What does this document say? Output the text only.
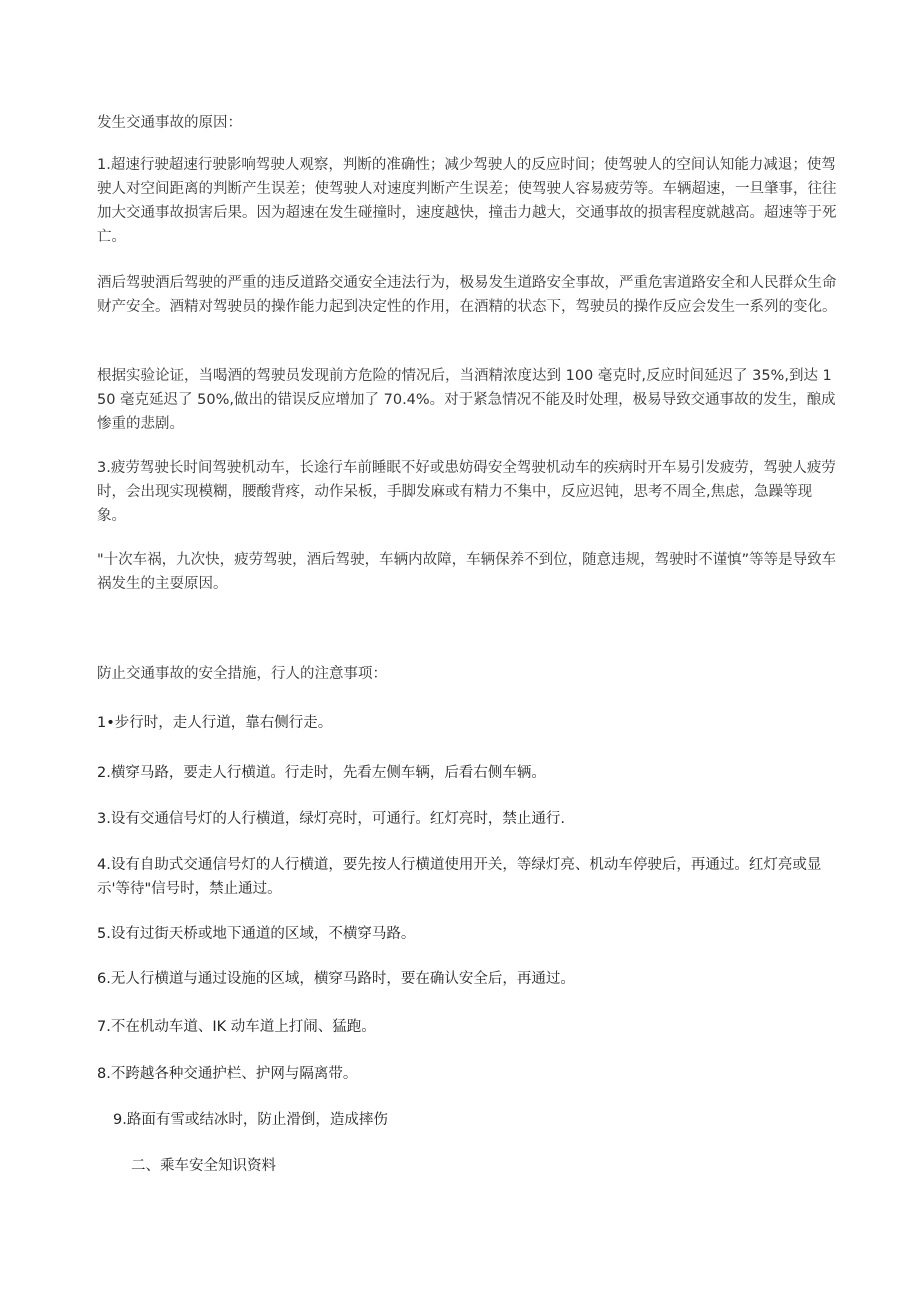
发生交通事故的原因：

1.超速行驶超速行驶影响驾驶人观察，判断的准确性；减少驾驶人的反应时间；使驾驶人的空间认知能力减退；使驾驶人对空间距离的判断产生误差；使驾驶人对速度判断产生误差；使驾驶人容易疲劳等。车辆超速，一旦肇事，往往加大交通事故损害后果。因为超速在发生碰撞时，速度越快，撞击力越大，交通事故的损害程度就越高。超速等于死亡。

酒后驾驶酒后驾驶的严重的违反道路交通安全违法行为，极易发生道路安全事故，严重危害道路安全和人民群众生命财产安全。酒精对驾驶员的操作能力起到决定性的作用，在酒精的状态下，驾驶员的操作反应会发生一系列的变化。

根据实验论证，当喝酒的驾驶员发现前方危险的情况后，当酒精浓度达到 100 毫克时,反应时间延迟了 35%,到达 150 毫克延迟了 50%,做出的错误反应增加了 70.4%。对于紧急情况不能及时处理，极易导致交通事故的发生，酿成惨重的悲剧。

3.疲劳驾驶长时间驾驶机动车，长途行车前睡眠不好或患妨碍安全驾驶机动车的疾病时开车易引发疲劳，驾驶人疲劳时，会出现实现模糊，腰酸背疼，动作呆板，手脚发麻或有精力不集中，反应迟钝，思考不周全,焦虑，急躁等现象。

"十次车祸，九次快，疲劳驾驶，酒后驾驶，车辆内故障，车辆保养不到位，随意违规，驾驶时不谨慎”等等是导致车祸发生的主耍原因。

防止交通事故的安全措施，行人的注意事项：

1•步行时，走人行道，靠右侧行走。

2.横穿马路，要走人行横道。行走时，先看左侧车辆，后看右侧车辆。

3.设有交通信号灯的人行横道，绿灯亮时，可通行。红灯亮时，禁止通行.

4.设有自助式交通信号灯的人行横道，要先按人行横道使用开关，等绿灯亮、机动车停驶后，再通过。红灯亮或显示'等待"信号时，禁止通过。

5.设有过街天桥或地下通道的区域，不横穿马路。

6.无人行横道与通过设施的区域，横穿马路时，要在确认安全后，再通过。

7.不在机动车道、IK 动车道上打闹、猛跑。

8.不跨越各种交通护栏、护网与隔离带。

9.路面有雪或结冰时，防止滑倒，造成摔伤

二、乘车安全知识资料
